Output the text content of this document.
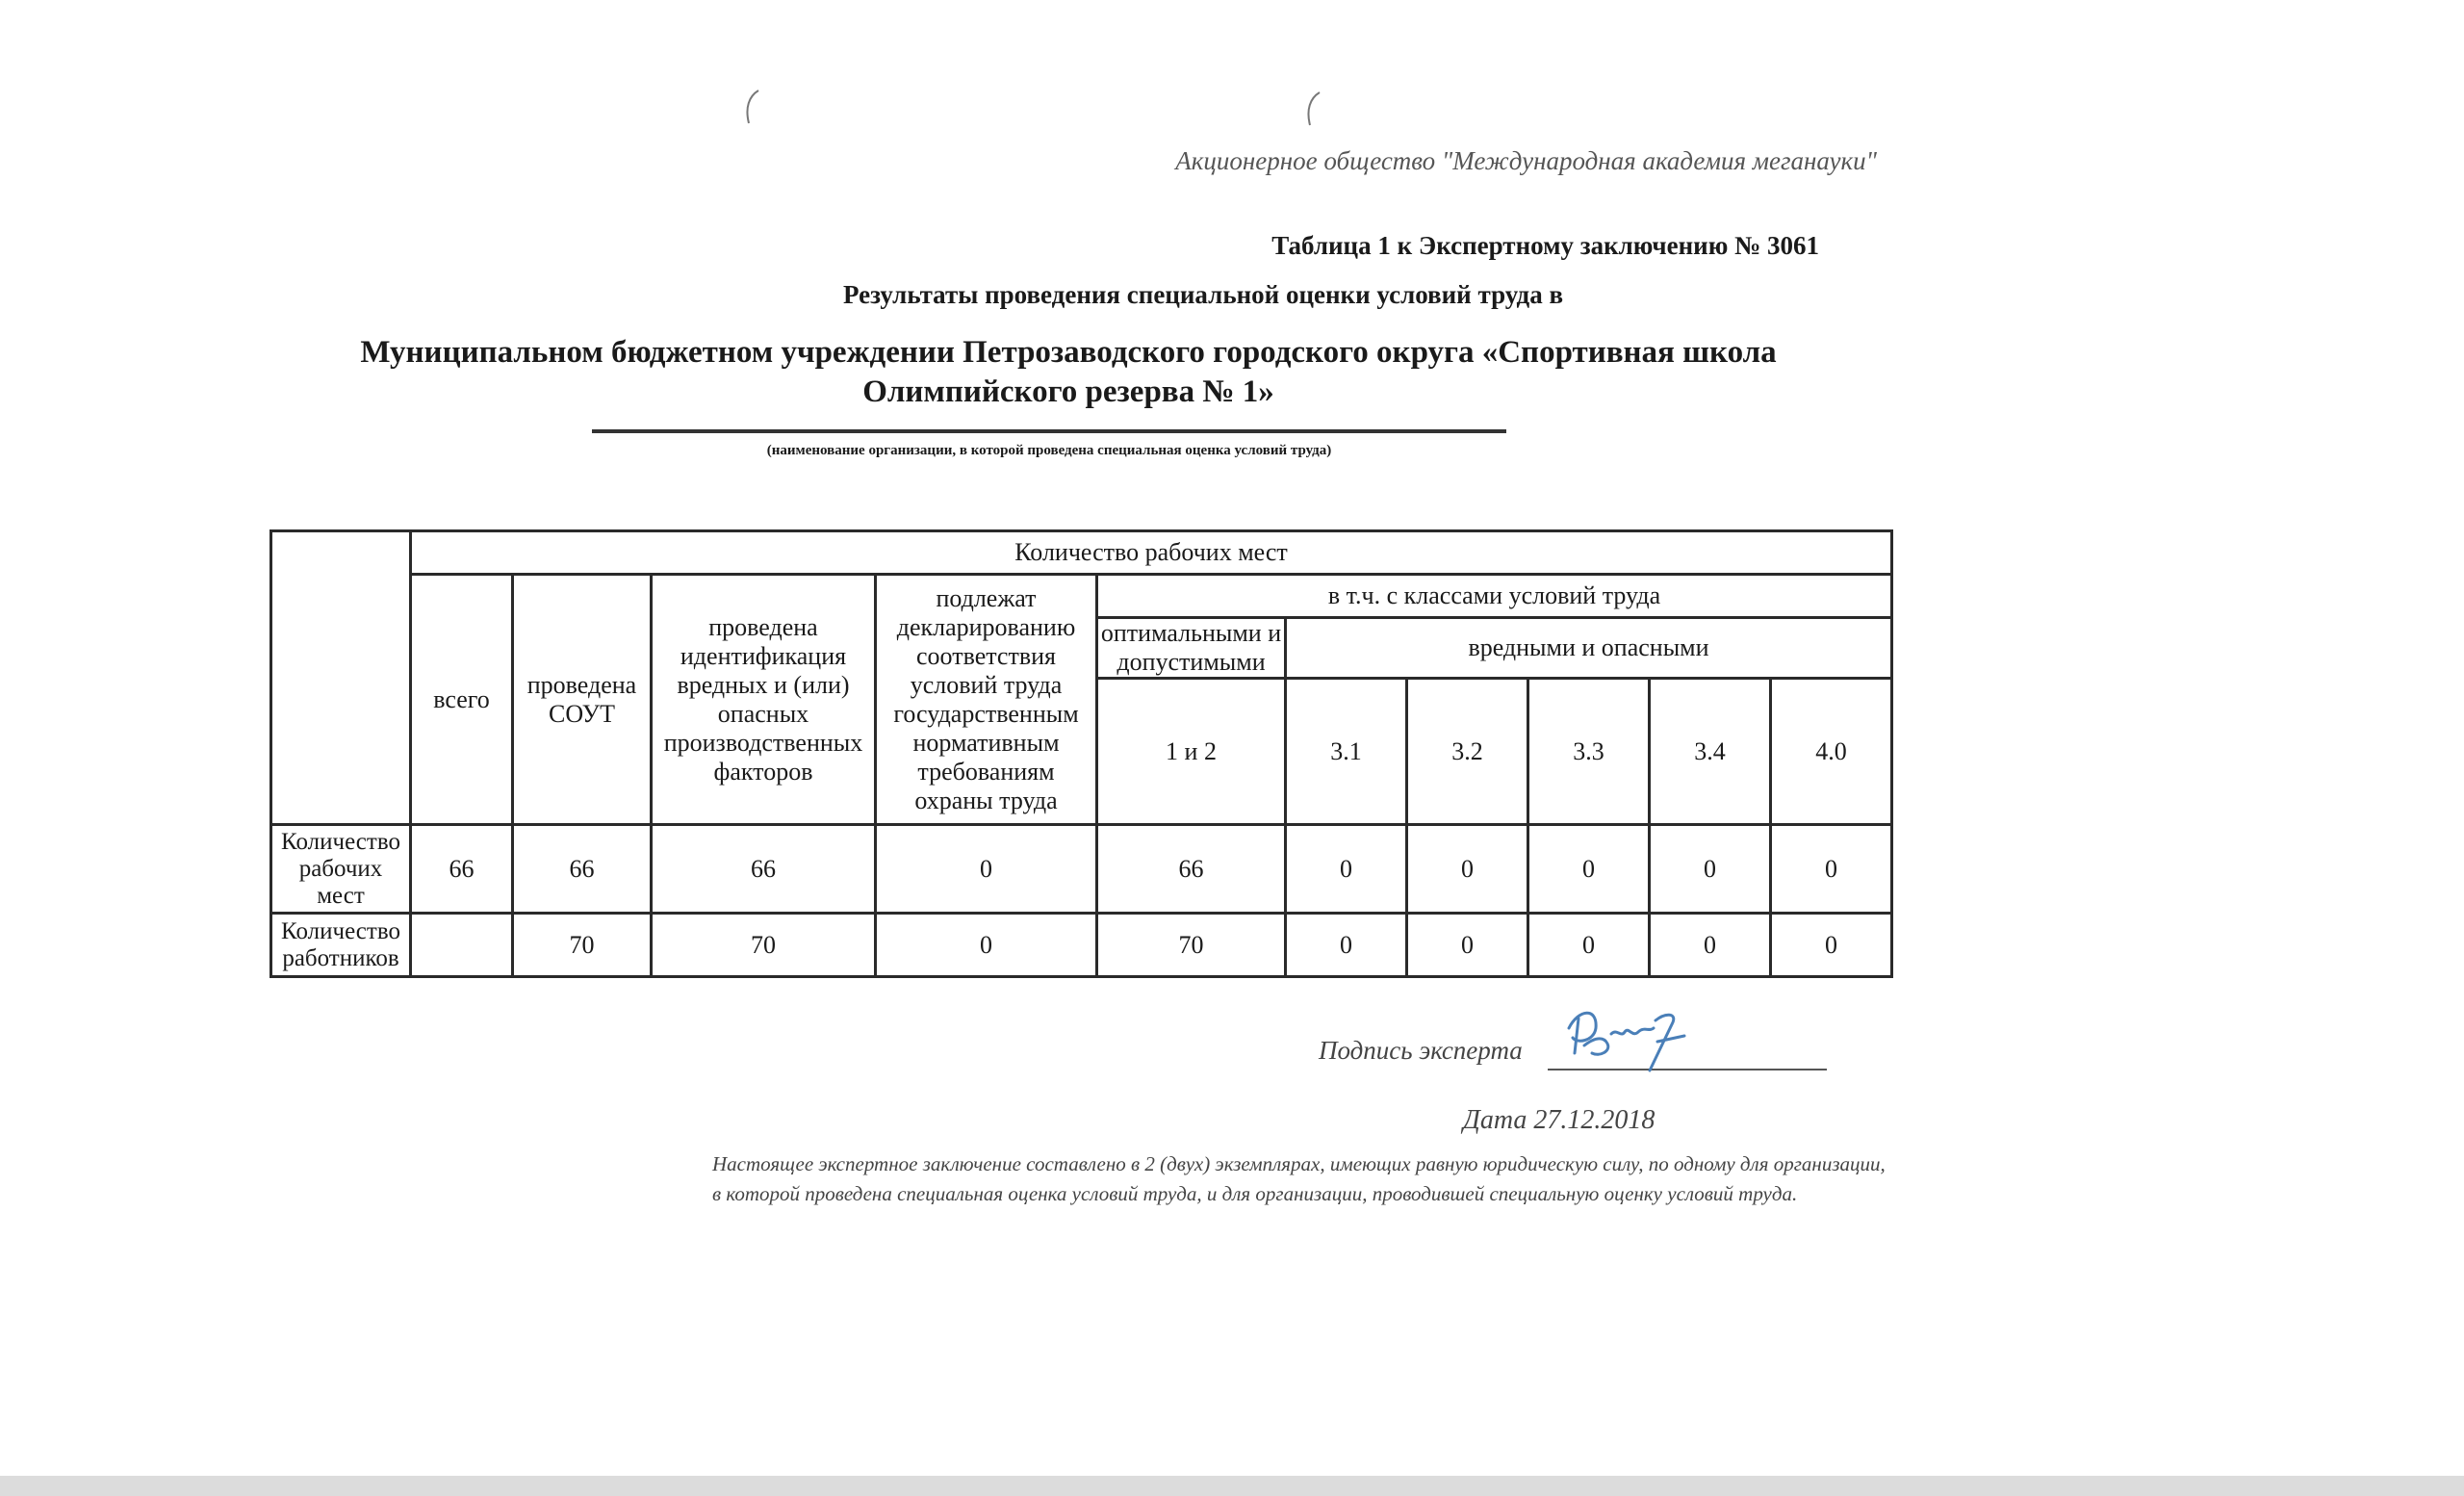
Акционерное общество "Международная академия меганауки"
Таблица 1 к Экспертному заключению № 3061
Результаты проведения специальной оценки условий труда в
Муниципальном бюджетном учреждении Петрозаводского городского округа «Спортивная школа
Олимпийского резерва № 1»
(наименование организации, в которой проведена специальная оценка условий труда)
	Количество рабочих мест									
	всего	проведена СОУТ	проведена идентификация вредных и (или) опасных производственных факторов	подлежат декларированию соответствия условий труда государственным нормативным требованиям охраны труда	в т.ч. с классами условий труда					
					оптимальными и допустимыми	вредными и опасными				
					1 и 2	3.1	3.2	3.3	3.4	4.0
Количество рабочих мест	66	66	66	0	66	0	0	0	0	0
Количество работников		70	70	0	70	0	0	0	0	0
Подпись эксперта
Дата 27.12.2018
Настоящее экспертное заключение составлено в 2 (двух) экземплярах, имеющих равную юридическую силу, по одному для организации, в которой проведена специальная оценка условий труда, и для организации, проводившей специальную оценку условий труда.
